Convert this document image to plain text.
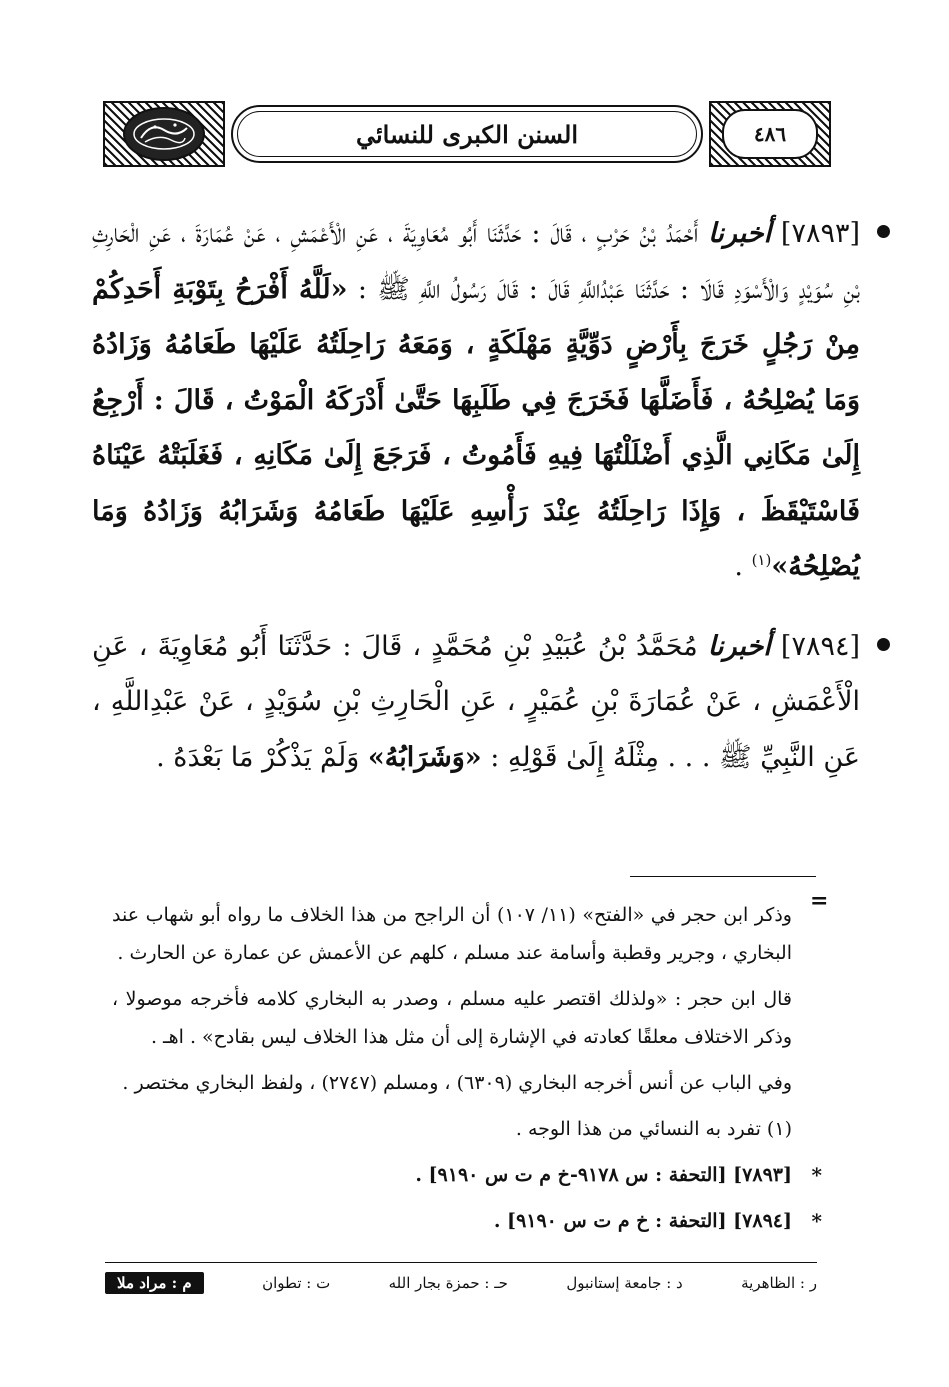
السنن الكبرى للنسائي	٤٨٦
[٧٨٩٣] أخبرنا أَحْمَدُ بْنُ حَرْبٍ ، قَالَ : حَدَّثَنَا أَبُو مُعَاوِيَةَ ، عَنِ الْأَعْمَشِ ، عَنْ عُمَارَةَ ، عَنِ الْحَارِثِ بْنِ سُوَيْدٍ وَالْأَسْوَدِ قَالَا : حَدَّثَنَا عَبْدُاللَّهِ قَالَ : قَالَ رَسُولُ اللَّهِ ﷺ : «لَلَّهُ أَفْرَحُ بِتَوْبَةِ أَحَدِكُمْ مِنْ رَجُلٍ خَرَجَ بِأَرْضٍ دَوِّيَّةٍ مَهْلَكَةٍ ، وَمَعَهُ رَاحِلَتُهُ عَلَيْهَا طَعَامُهُ وَزَادُهُ وَمَا يُصْلِحُهُ ، فَأَضَلَّهَا فَخَرَجَ فِي طَلَبِهَا حَتَّىٰ أَدْرَكَهُ الْمَوْتُ ، قَالَ : أَرْجِعُ إِلَىٰ مَكَانِي الَّذِي أَضْلَلْتُهَا فِيهِ فَأَمُوتُ ، فَرَجَعَ إِلَىٰ مَكَانِهِ ، فَغَلَبَتْهُ عَيْنَاهُ فَاسْتَيْقَظَ ، وَإِذَا رَاحِلَتُهُ عِنْدَ رَأْسِهِ عَلَيْهَا طَعَامُهُ وَشَرَابُهُ وَزَادُهُ وَمَا يُصْلِحُهُ»$^{(١)}$ .
[٧٨٩٤] أخبرنا مُحَمَّدُ بْنُ عُبَيْدِ بْنِ مُحَمَّدٍ ، قَالَ : حَدَّثَنَا أَبُو مُعَاوِيَةَ ، عَنِ الْأَعْمَشِ ، عَنْ عُمَارَةَ بْنِ عُمَيْرٍ ، عَنِ الْحَارِثِ بْنِ سُوَيْدٍ ، عَنْ عَبْدِاللَّهِ ، عَنِ النَّبِيِّ ﷺ . . . مِثْلَهُ إِلَىٰ قَوْلِهِ : «وَشَرَابُهُ» وَلَمْ يَذْكُرْ مَا بَعْدَهُ .
=

وذكر ابن حجر في «الفتح» (١١/ ١٠٧) أن الراجح من هذا الخلاف ما رواه أبو شهاب عند البخاري ، وجرير وقطبة وأسامة عند مسلم ، كلهم عن الأعمش عن عمارة عن الحارث .

قال ابن حجر : «ولذلك اقتصر عليه مسلم ، وصدر به البخاري كلامه فأخرجه موصولا ، وذكر الاختلاف معلقًا كعادته في الإشارة إلى أن مثل هذا الخلاف ليس بقادح» . اهـ .

وفي الباب عن أنس أخرجه البخاري (٦٣٠٩) ، ومسلم (٢٧٤٧) ، ولفظ البخاري مختصر .

(١) تفرد به النسائي من هذا الوجه .

*
[٧٨٩٣] [التحفة : س ٩١٧٨-خ م ت س ٩١٩٠] .

*
[٧٨٩٤] [التحفة : خ م ت س ٩١٩٠] .

م : مراد ملا	ت : تطوان	حـ : حمزة بجار الله	د : جامعة إستانبول	ر : الظاهرية
